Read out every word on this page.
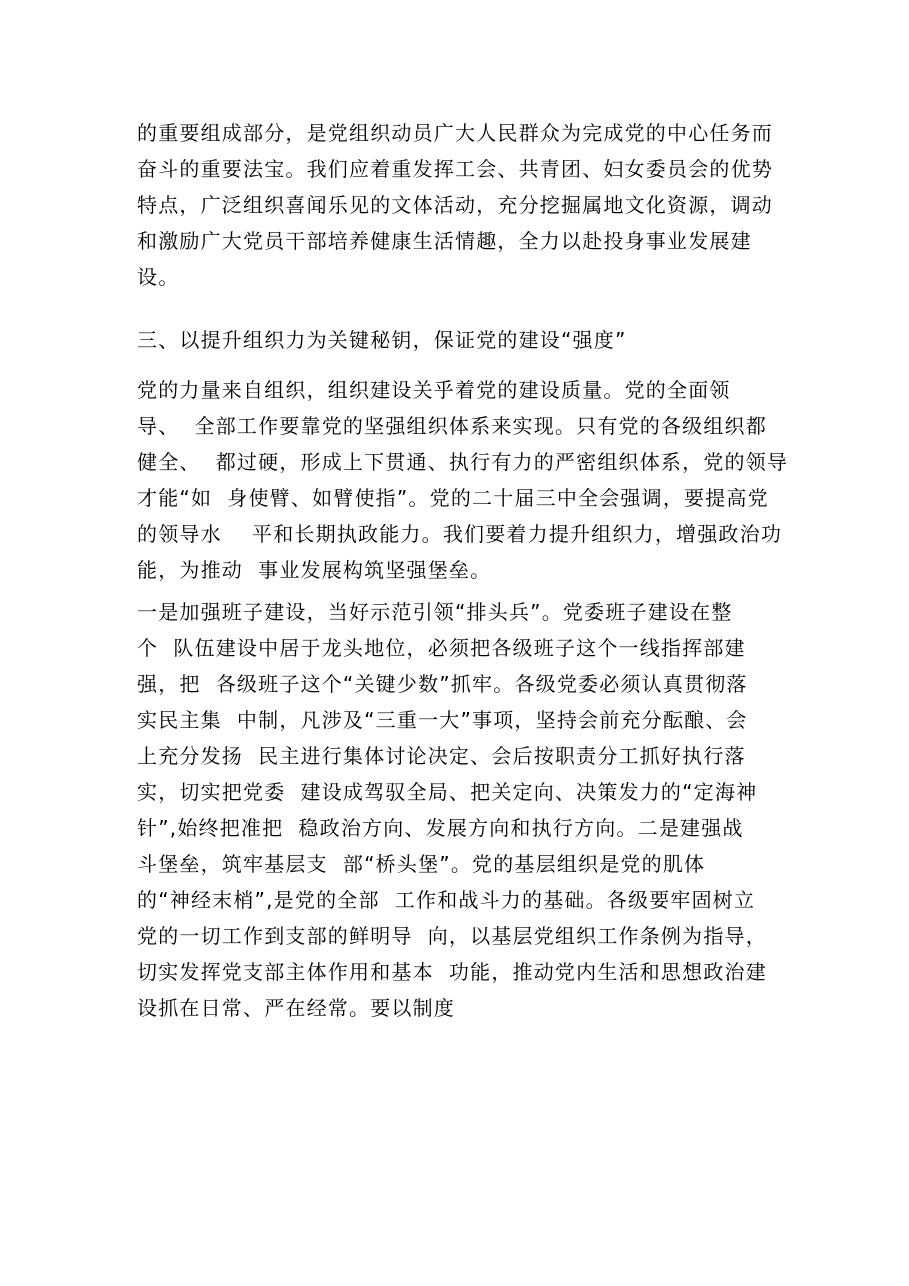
的重要组成部分，是党组织动员广大人民群众为完成党的中心任务而
奋斗的重要法宝。我们应着重发挥工会、共青团、妇女委员会的优势
特点，广泛组织喜闻乐见的文体活动，充分挖掘属地文化资源，调动
和激励广大党员干部培养健康生活情趣，全力以赴投身事业发展建
设。
三、以提升组织力为关键秘钥，保证党的建设“强度”
党的力量来自组织，组织建设关乎着党的建设质量。党的全面领
导、  全部工作要靠党的坚强组织体系来实现。只有党的各级组织都
健全、  都过硬，形成上下贯通、执行有力的严密组织体系，党的领导
才能“如  身使臂、如臂使指”。党的二十届三中全会强调，要提高党
的领导水    平和长期执政能力。我们要着力提升组织力，增强政治功
能，为推动  事业发展构筑坚强堡垒。
一是加强班子建设，当好示范引领“排头兵”。党委班子建设在整
个  队伍建设中居于龙头地位，必须把各级班子这个一线指挥部建
强，把  各级班子这个“关键少数”抓牢。各级党委必须认真贯彻落
实民主集  中制，凡涉及“三重一大”事项，坚持会前充分酝酿、会
上充分发扬  民主进行集体讨论决定、会后按职责分工抓好执行落
实，切实把党委  建设成驾驭全局、把关定向、决策发力的“定海神
针”,始终把准把  稳政治方向、发展方向和执行方向。二是建强战
斗堡垒，筑牢基层支  部“桥头堡”。党的基层组织是党的肌体
的“神经末梢”,是党的全部  工作和战斗力的基础。各级要牢固树立
党的一切工作到支部的鲜明导  向，以基层党组织工作条例为指导，
切实发挥党支部主体作用和基本  功能，推动党内生活和思想政治建
设抓在日常、严在经常。要以制度
